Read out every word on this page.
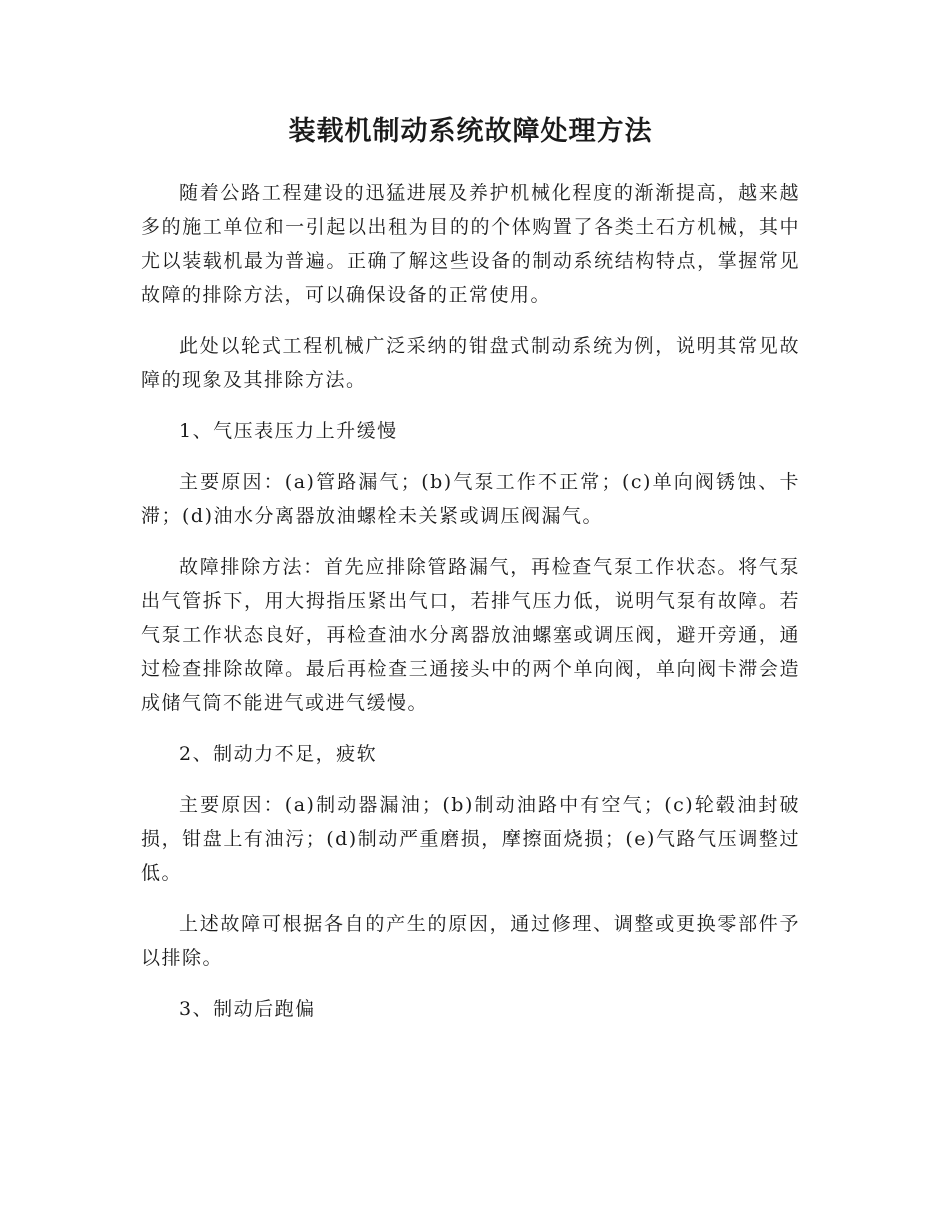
装载机制动系统故障处理方法

随着公路工程建设的迅猛进展及养护机械化程度的渐渐提高，越来越多的施工单位和一引起以出租为目的的个体购置了各类土石方机械，其中尤以装载机最为普遍。正确了解这些设备的制动系统结构特点，掌握常见故障的排除方法，可以确保设备的正常使用。

此处以轮式工程机械广泛采纳的钳盘式制动系统为例，说明其常见故障的现象及其排除方法。

1、气压表压力上升缓慢

主要原因：(a)管路漏气；(b)气泵工作不正常；(c)单向阀锈蚀、卡滞；(d)油水分离器放油螺栓未关紧或调压阀漏气。

故障排除方法：首先应排除管路漏气，再检查气泵工作状态。将气泵出气管拆下，用大拇指压紧出气口，若排气压力低，说明气泵有故障。若气泵工作状态良好，再检查油水分离器放油螺塞或调压阀，避开旁通，通过检查排除故障。最后再检查三通接头中的两个单向阀，单向阀卡滞会造成储气筒不能进气或进气缓慢。

2、制动力不足，疲软

主要原因：(a)制动器漏油；(b)制动油路中有空气；(c)轮毂油封破损，钳盘上有油污；(d)制动严重磨损，摩擦面烧损；(e)气路气压调整过低。

上述故障可根据各自的产生的原因，通过修理、调整或更换零部件予以排除。

3、制动后跑偏
